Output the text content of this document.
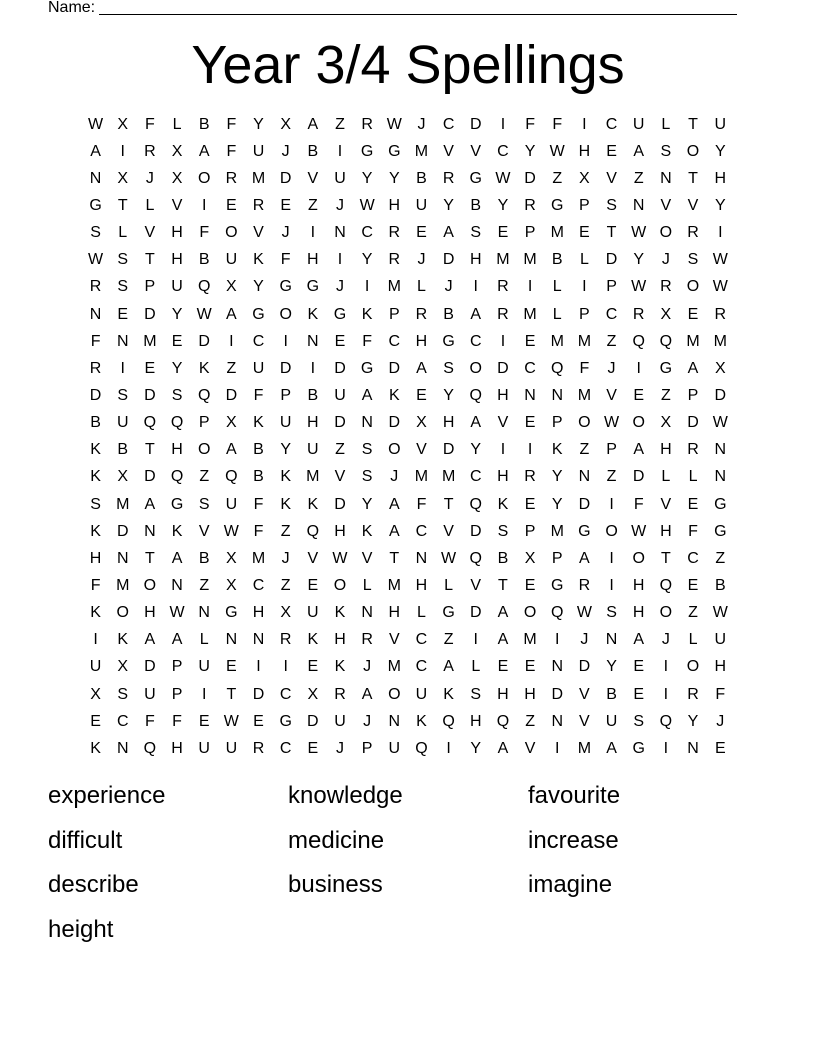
Name:
Year 3/4 Spellings
W	X	F	L	B	F	Y	X	A	Z	R	W	J	C	D	I	F	F	I	C	U	L	T	U
A	I	R	X	A	F	U	J	B	I	G	G	M	V	V	C	Y	W	H	E	A	S	O	Y
N	X	J	X	O	R	M	D	V	U	Y	Y	B	R	G	W	D	Z	X	V	Z	N	T	H
G	T	L	V	I	E	R	E	Z	J	W	H	U	Y	B	Y	R	G	P	S	N	V	V	Y
S	L	V	H	F	O	V	J	I	N	C	R	E	A	S	E	P	M	E	T	W	O	R	I
W	S	T	H	B	U	K	F	H	I	Y	R	J	D	H	M	M	B	L	D	Y	J	S	W
R	S	P	U	Q	X	Y	G	G	J	I	M	L	J	I	R	I	L	I	P	W	R	O	W
N	E	D	Y	W	A	G	O	K	G	K	P	R	B	A	R	M	L	P	C	R	X	E	R
F	N	M	E	D	I	C	I	N	E	F	C	H	G	C	I	E	M	M	Z	Q	Q	M	M
R	I	E	Y	K	Z	U	D	I	D	G	D	A	S	O	D	C	Q	F	J	I	G	A	X
D	S	D	S	Q	D	F	P	B	U	A	K	E	Y	Q	H	N	N	M	V	E	Z	P	D
B	U	Q	Q	P	X	K	U	H	D	N	D	X	H	A	V	E	P	O	W	O	X	D	W
K	B	T	H	O	A	B	Y	U	Z	S	O	V	D	Y	I	I	K	Z	P	A	H	R	N
K	X	D	Q	Z	Q	B	K	M	V	S	J	M	M	C	H	R	Y	N	Z	D	L	L	N
S	M	A	G	S	U	F	K	K	D	Y	A	F	T	Q	K	E	Y	D	I	F	V	E	G
K	D	N	K	V	W	F	Z	Q	H	K	A	C	V	D	S	P	M	G	O	W	H	F	G
H	N	T	A	B	X	M	J	V	W	V	T	N	W	Q	B	X	P	A	I	O	T	C	Z
F	M	O	N	Z	X	C	Z	E	O	L	M	H	L	V	T	E	G	R	I	H	Q	E	B
K	O	H	W	N	G	H	X	U	K	N	H	L	G	D	A	O	Q	W	S	H	O	Z	W
I	K	A	A	L	N	N	R	K	H	R	V	C	Z	I	A	M	I	J	N	A	J	L	U
U	X	D	P	U	E	I	I	E	K	J	M	C	A	L	E	E	N	D	Y	E	I	O	H
X	S	U	P	I	T	D	C	X	R	A	O	U	K	S	H	H	D	V	B	E	I	R	F
E	C	F	F	E	W	E	G	D	U	J	N	K	Q	H	Q	Z	N	V	U	S	Q	Y	J
K	N	Q	H	U	U	R	C	E	J	P	U	Q	I	Y	A	V	I	M	A	G	I	N	E
experience	knowledge	favourite
difficult	medicine	increase
describe	business	imagine
height
